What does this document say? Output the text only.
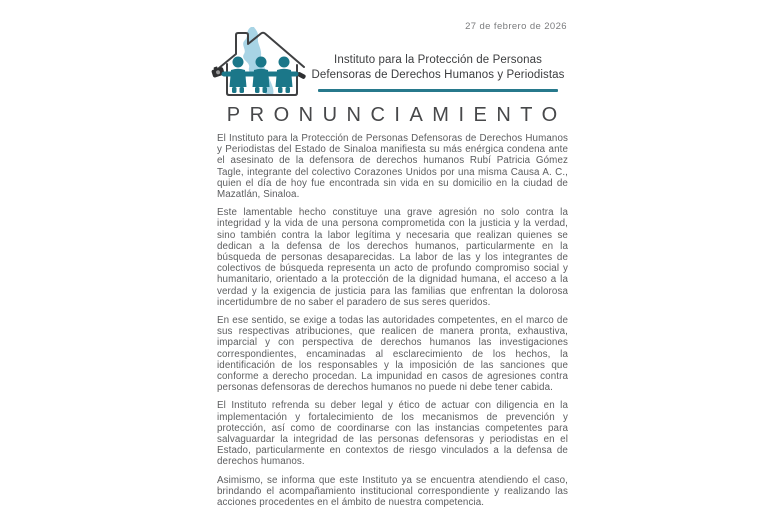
27 de febrero de 2026
Instituto para la Protección de Personas
Defensoras de Derechos Humanos y Periodistas
PRONUNCIAMIENTO

El Instituto para la Protección de Personas Defensoras de Derechos Humanos y Periodistas del Estado de Sinaloa manifiesta su más enérgica condena ante el asesinato de la defensora de derechos humanos Rubí Patricia Gómez Tagle, integrante del colectivo Corazones Unidos por una misma Causa A. C., quien el día de hoy fue encontrada sin vida en su domicilio en la ciudad de Mazatlán, Sinaloa.

Este lamentable hecho constituye una grave agresión no solo contra la integridad y la vida de una persona comprometida con la justicia y la verdad, sino también contra la labor legítima y necesaria que realizan quienes se dedican a la defensa de los derechos humanos, particularmente en la búsqueda de personas desaparecidas. La labor de las y los integrantes de colectivos de búsqueda representa un acto de profundo compromiso social y humanitario, orientado a la protección de la dignidad humana, el acceso a la verdad y la exigencia de justicia para las familias que enfrentan la dolorosa incertidumbre de no saber el paradero de sus seres queridos.

En ese sentido, se exige a todas las autoridades competentes, en el marco de sus respectivas atribuciones, que realicen de manera pronta, exhaustiva, imparcial y con perspectiva de derechos humanos las investigaciones correspondientes, encaminadas al esclarecimiento de los hechos, la identificación de los responsables y la imposición de las sanciones que conforme a derecho procedan. La impunidad en casos de agresiones contra personas defensoras de derechos humanos no puede ni debe tener cabida.

El Instituto refrenda su deber legal y ético de actuar con diligencia en la implementación y fortalecimiento de los mecanismos de prevención y protección, así como de coordinarse con las instancias competentes para salvaguardar la integridad de las personas defensoras y periodistas en el Estado, particularmente en contextos de riesgo vinculados a la defensa de derechos humanos.

Asimismo, se informa que este Instituto ya se encuentra atendiendo el caso, brindando el acompañamiento institucional correspondiente y realizando las acciones procedentes en el ámbito de nuestra competencia.
